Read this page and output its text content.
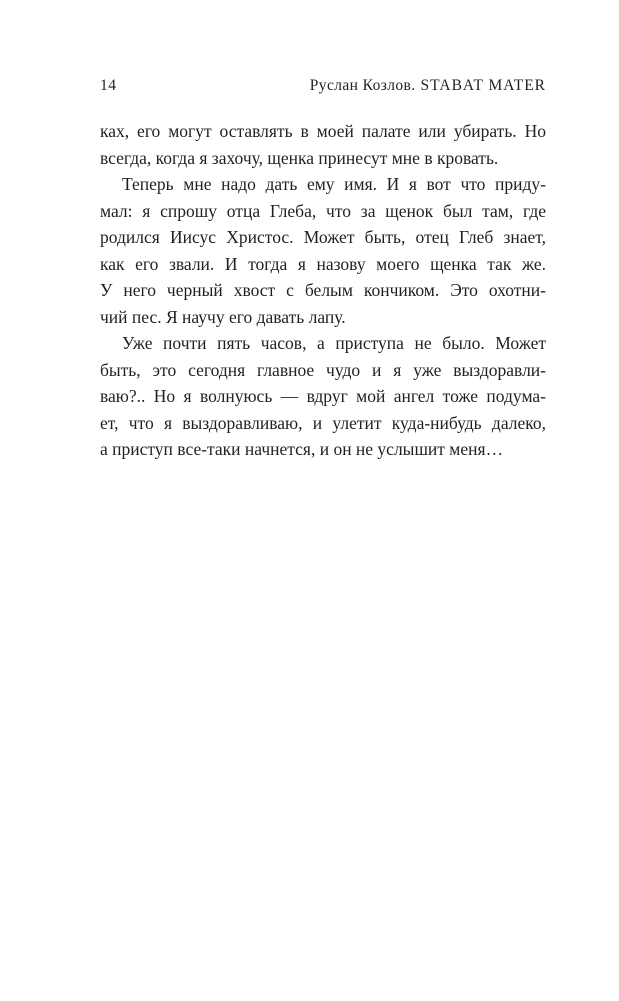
14	Руслан Козлов. STABAT MATER
ках, его могут оставлять в моей палате или убирать. Но
всегда, когда я захочу, щенка принесут мне в кровать.
Теперь мне надо дать ему имя. И я вот что приду-
мал: я спрошу отца Глеба, что за щенок был там, где
родился Иисус Христос. Может быть, отец Глеб знает,
как его звали. И тогда я назову моего щенка так же.
У него черный хвост с белым кончиком. Это охотни-
чий пес. Я научу его давать лапу.
Уже почти пять часов, а приступа не было. Может
быть, это сегодня главное чудо и я уже выздоравли-
ваю?.. Но я волнуюсь — вдруг мой ангел тоже подума-
ет, что я выздоравливаю, и улетит куда-нибудь далеко,
а приступ все-таки начнется, и он не услышит меня…
